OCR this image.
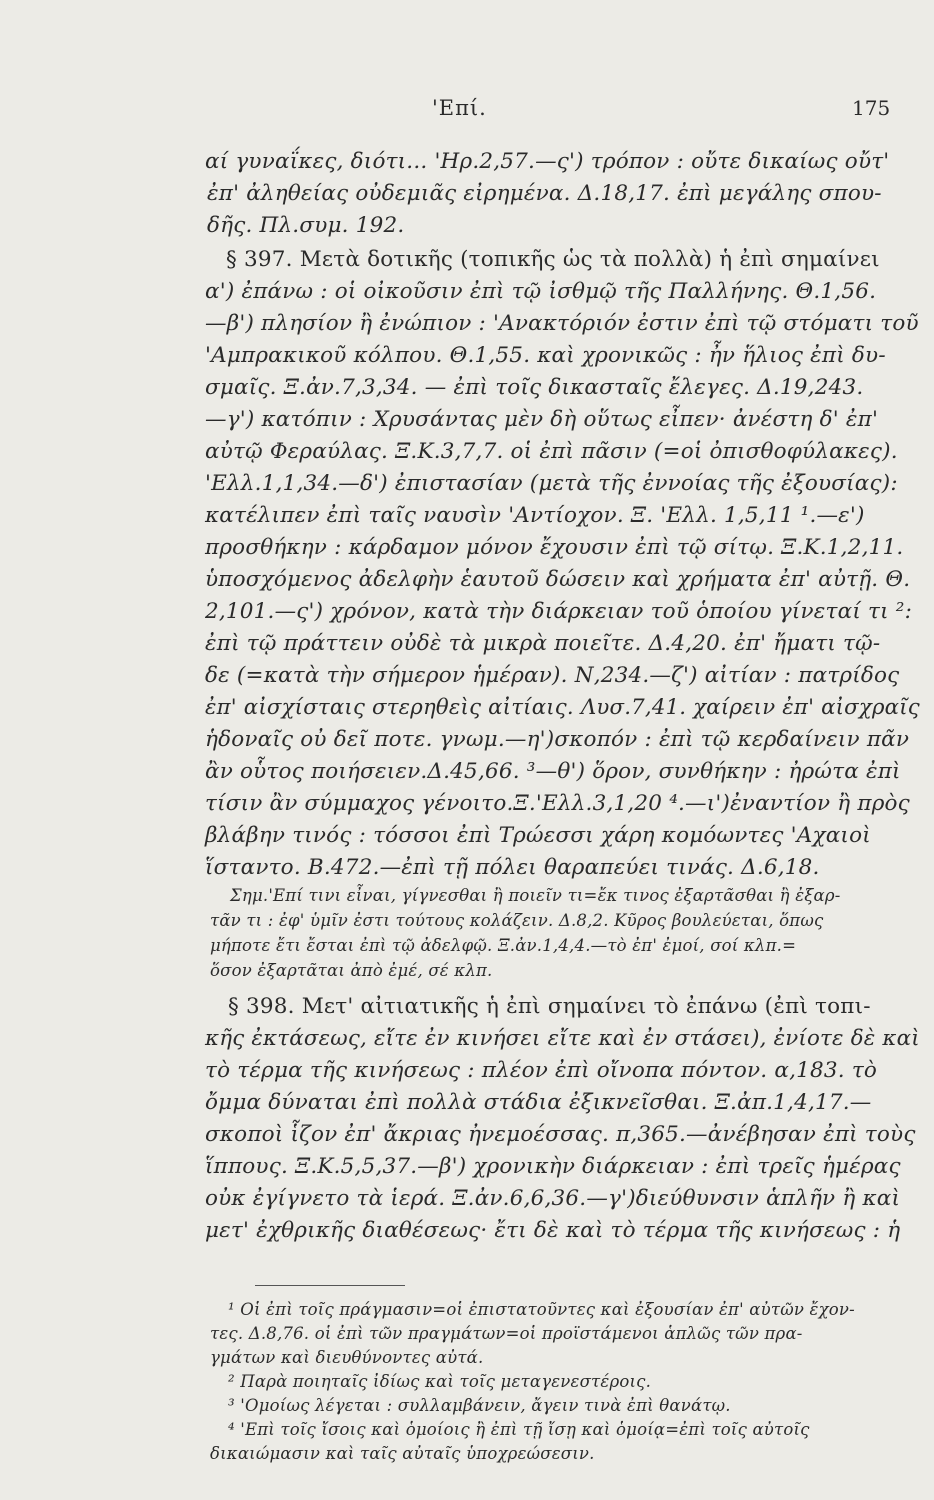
'Επί.	175
αί γυναΐκες, διότι... 'Ηρ.2,57.—ς') τρόπον : οὔτε δικαίως οὔτ'
ἐπ' ἀληθείας οὐδεμιᾶς εἰρημένα. Δ.18,17. ἐπὶ μεγάλης σπου-
δῆς. Πλ.συμ. 192.
§ 397. Μετὰ δοτικῆς (τοπικῆς ὡς τὰ πολλὰ) ἡ ἐπὶ σημαίνει
α') ἐπάνω : οἱ οἰκοῦσιν ἐπὶ τῷ ἰσθμῷ τῆς Παλλήνης. Θ.1,56.
—β') πλησίον ἢ ἐνώπιον : 'Ανακτόριόν ἐστιν ἐπὶ τῷ στόματι τοῦ
'Αμπρακικοῦ κόλπου. Θ.1,55. καὶ χρονικῶς : ἦν ἥλιος ἐπὶ δυ-
σμαῖς. Ξ.ἀν.7,3,34. — ἐπὶ τοῖς δικασταῖς ἔλεγες. Δ.19,243.
—γ') κατόπιν : Χρυσάντας μὲν δὴ οὕτως εἶπεν· ἀνέστη δ' ἐπ'
αὐτῷ Φεραύλας. Ξ.Κ.3,7,7. οἱ ἐπὶ πᾶσιν (=οἱ ὀπισθοφύλακες).
'Ελλ.1,1,34.—δ') ἐπιστασίαν (μετὰ τῆς ἐννοίας τῆς ἐξουσίας):
κατέλιπεν ἐπὶ ταῖς ναυσὶν 'Αντίοχον. Ξ. 'Ελλ. 1,5,11 ¹.—ε')
προσθήκην : κάρδαμον μόνον ἔχουσιν ἐπὶ τῷ σίτῳ. Ξ.Κ.1,2,11.
ὑποσχόμενος ἀδελφὴν ἑαυτοῦ δώσειν καὶ χρήματα ἐπ' αὐτῇ. Θ.
2,101.—ς') χρόνον, κατὰ τὴν διάρκειαν τοῦ ὁποίου γίνεταί τι ²:
ἐπὶ τῷ πράττειν οὐδὲ τὰ μικρὰ ποιεῖτε. Δ.4,20. ἐπ' ἤματι τῷ-
δε (=κατὰ τὴν σήμερον ἡμέραν). Ν,234.—ζ') αἰτίαν : πατρίδος
ἐπ' αἰσχίσταις στερηθεὶς αἰτίαις. Λυσ.7,41. χαίρειν ἐπ' αἰσχραῖς
ἡδοναῖς οὐ δεῖ ποτε. γνωμ.—η')σκοπόν : ἐπὶ τῷ κερδαίνειν πᾶν
ἂν οὗτος ποιήσειεν.Δ.45,66. ³—θ') ὅρον, συνθήκην : ἠρώτα ἐπὶ
τίσιν ἂν σύμμαχος γένοιτο.Ξ.'Ελλ.3,1,20 ⁴.—ι')ἐναντίον ἢ πρὸς
βλάβην τινός : τόσσοι ἐπὶ Τρώεσσι χάρη κομόωντες 'Αχαιοὶ
ἵσταντο. Β.472.—ἐπὶ τῇ πόλει θαραπεύει τινάς. Δ.6,18.
Σημ.'Επί τινι εἶναι, γίγνεσθαι ἢ ποιεῖν τι=ἔκ τινος ἐξαρτᾶσθαι ἢ ἐξαρ-
τᾶν τι : ἐφ' ὑμῖν ἐστι τούτους κολάζειν. Δ.8,2. Κῦρος βουλεύεται, ὅπως
μήποτε ἔτι ἔσται ἐπὶ τῷ ἀδελφῷ. Ξ.ἀν.1,4,4.—τὸ ἐπ' ἐμοί, σοί κλπ.=
ὅσον ἐξαρτᾶται ἀπὸ ἐμέ, σέ κλπ.
§ 398. Μετ' αἰτιατικῆς ἡ ἐπὶ σημαίνει τὸ ἐπάνω (ἐπὶ τοπι-
κῆς ἐκτάσεως, εἴτε ἐν κινήσει εἴτε καὶ ἐν στάσει), ἐνίοτε δὲ καὶ
τὸ τέρμα τῆς κινήσεως : πλέον ἐπὶ οἴνοπα πόντον. α,183. τὸ
ὄμμα δύναται ἐπὶ πολλὰ στάδια ἐξικνεῖσθαι. Ξ.ἀπ.1,4,17.—
σκοποὶ ἷζον ἐπ' ἄκριας ἠνεμοέσσας. π,365.—ἀνέβησαν ἐπὶ τοὺς
ἵππους. Ξ.Κ.5,5,37.—β') χρονικὴν διάρκειαν : ἐπὶ τρεῖς ἡμέρας
οὐκ ἐγίγνετο τὰ ἱερά. Ξ.ἀν.6,6,36.—γ')διεύθυνσιν ἁπλῆν ἢ καὶ
μετ' ἐχθρικῆς διαθέσεως· ἔτι δὲ καὶ τὸ τέρμα τῆς κινήσεως : ἡ
¹ Οἱ ἐπὶ τοῖς πράγμασιν=οἱ ἐπιστατοῦντες καὶ ἐξουσίαν ἐπ' αὐτῶν ἔχον-
τες. Δ.8,76. οἱ ἐπὶ τῶν πραγμάτων=οἱ προϊστάμενοι ἁπλῶς τῶν πρα-
γμάτων καὶ διευθύνοντες αὐτά.
² Παρὰ ποιηταῖς ἰδίως καὶ τοῖς μεταγενεστέροις.
³ 'Ομοίως λέγεται : συλλαμβάνειν, ἄγειν τινὰ ἐπὶ θανάτῳ.
⁴ 'Επὶ τοῖς ἴσοις καὶ ὁμοίοις ἢ ἐπὶ τῇ ἴσῃ καὶ ὁμοίᾳ=ἐπὶ τοῖς αὐτοῖς
δικαιώμασιν καὶ ταῖς αὐταῖς ὑποχρεώσεσιν.
